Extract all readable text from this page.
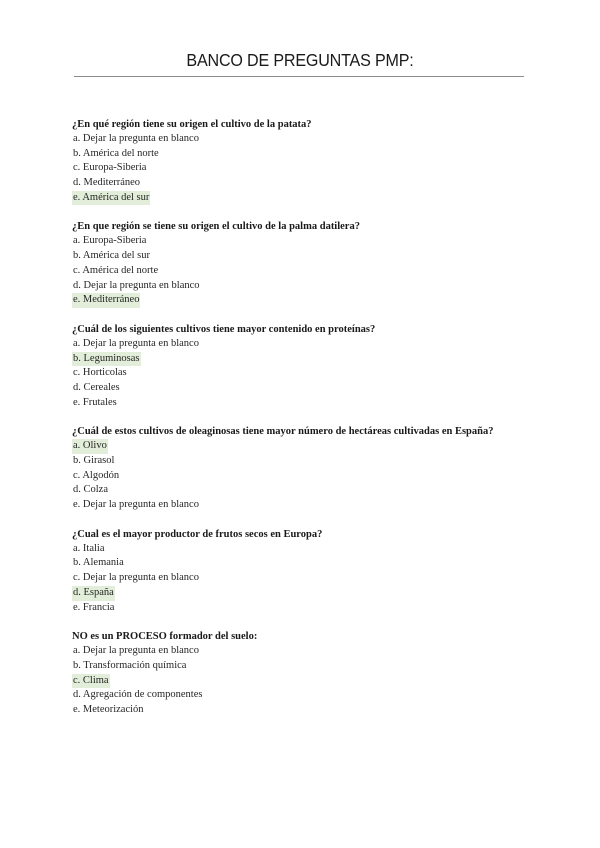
BANCO DE PREGUNTAS PMP:
¿En qué región tiene su origen el cultivo de la patata?
a. Dejar la pregunta en blanco
b. América del norte
c. Europa-Siberia
d. Mediterráneo
e. América del sur
¿En que región se tiene su origen el cultivo de la palma datilera?
a. Europa-Siberia
b. América del sur
c. América del norte
d. Dejar la pregunta en blanco
e. Mediterráneo
¿Cuál de los siguientes cultivos tiene mayor contenido en proteínas?
a. Dejar la pregunta en blanco
b. Leguminosas
c. Horticolas
d. Cereales
e. Frutales
¿Cuál de estos cultivos de oleaginosas tiene mayor número de hectáreas cultivadas en España?
a. Olivo
b. Girasol
c. Algodón
d. Colza
e. Dejar la pregunta en blanco
¿Cual es el mayor productor de frutos secos en Europa?
a. Italia
b. Alemania
c. Dejar la pregunta en blanco
d. España
e. Francia
NO es un PROCESO formador del suelo:
a. Dejar la pregunta en blanco
b. Transformación química
c. Clima
d. Agregación de componentes
e. Meteorización
